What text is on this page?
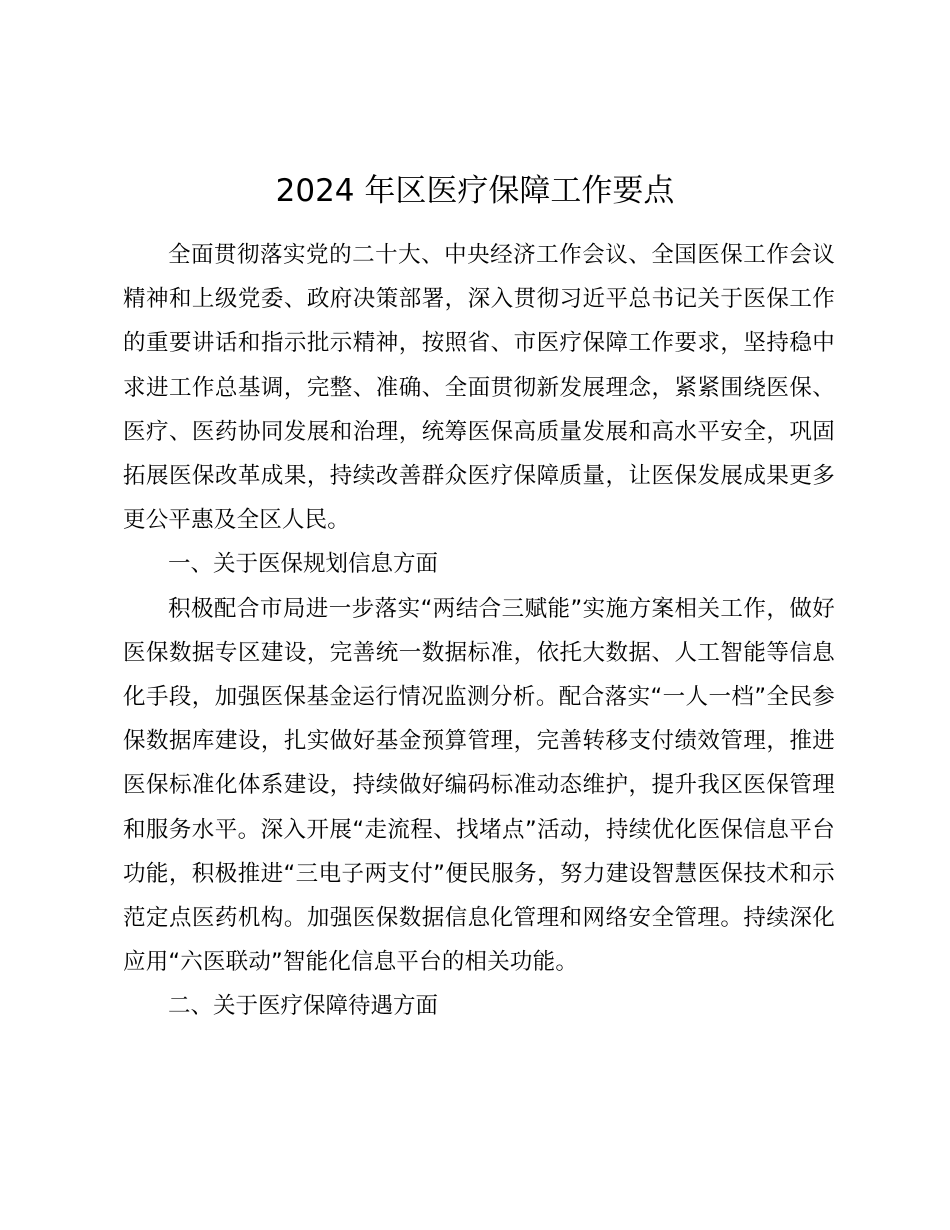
2024 年区医疗保障工作要点

全面贯彻落实党的二十大、中央经济工作会议、全国医保工作会议精神和上级党委、政府决策部署，深入贯彻习近平总书记关于医保工作的重要讲话和指示批示精神，按照省、市医疗保障工作要求，坚持稳中求进工作总基调，完整、准确、全面贯彻新发展理念，紧紧围绕医保、医疗、医药协同发展和治理，统筹医保高质量发展和高水平安全，巩固拓展医保改革成果，持续改善群众医疗保障质量，让医保发展成果更多更公平惠及全区人民。

一、关于医保规划信息方面

积极配合市局进一步落实“两结合三赋能”实施方案相关工作，做好医保数据专区建设，完善统一数据标准，依托大数据、人工智能等信息化手段，加强医保基金运行情况监测分析。配合落实“一人一档”全民参保数据库建设，扎实做好基金预算管理，完善转移支付绩效管理，推进医保标准化体系建设，持续做好编码标准动态维护，提升我区医保管理和服务水平。深入开展“走流程、找堵点”活动，持续优化医保信息平台功能，积极推进“三电子两支付”便民服务，努力建设智慧医保技术和示范定点医药机构。加强医保数据信息化管理和网络安全管理。持续深化应用“六医联动”智能化信息平台的相关功能。

二、关于医疗保障待遇方面
